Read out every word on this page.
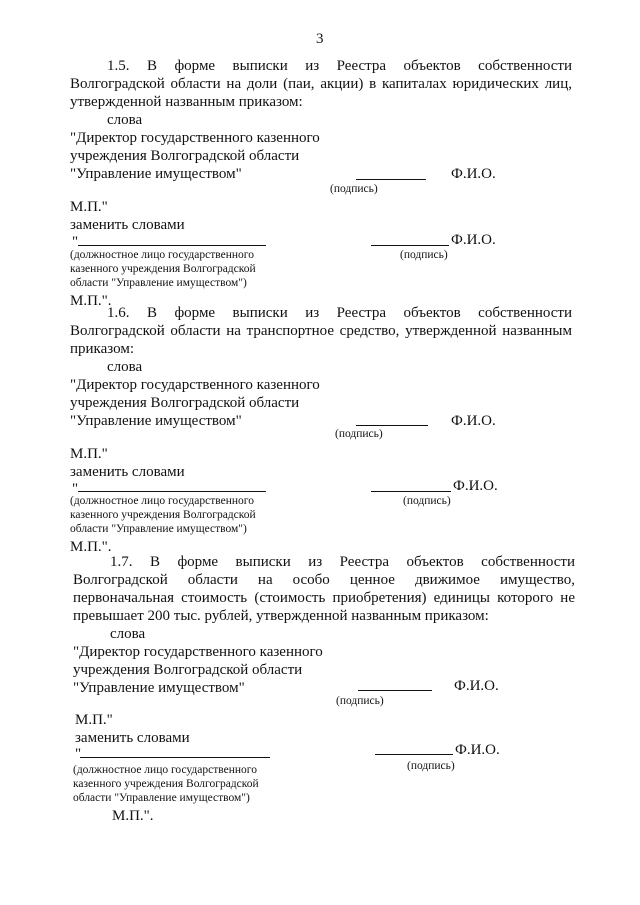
3
1.5. В форме выписки из Реестра объектов собственности
Волгоградской области на доли (паи, акции) в капиталах юридических лиц,
утвержденной названным приказом:
слова
"Директор государственного казенного
учреждения Волгоградской области
"Управление имуществом"	Ф.И.О.
(подпись)
М.П."
заменить словами
"	Ф.И.О.
(подпись)
(должностное лицо государственного
казенного учреждения Волгоградской
области "Управление имуществом")
М.П.".
1.6. В форме выписки из Реестра объектов собственности
Волгоградской области на транспортное средство, утвержденной названным
приказом:
слова
"Директор государственного казенного
учреждения Волгоградской области
"Управление имуществом"	Ф.И.О.
(подпись)
М.П."
заменить словами
"	Ф.И.О.
(подпись)
(должностное лицо государственного
казенного учреждения Волгоградской
области "Управление имуществом")
М.П.".
1.7. В форме выписки из Реестра объектов собственности
Волгоградской области на особо ценное движимое имущество,
первоначальная стоимость (стоимость приобретения) единицы которого не
превышает 200 тыс. рублей, утвержденной названным приказом:
слова
"Директор государственного казенного
учреждения Волгоградской области
"Управление имуществом"	Ф.И.О.
(подпись)
М.П."
заменить словами
"	Ф.И.О.
(подпись)
(должностное лицо государственного
казенного учреждения Волгоградской
области "Управление имуществом")
М.П.".
